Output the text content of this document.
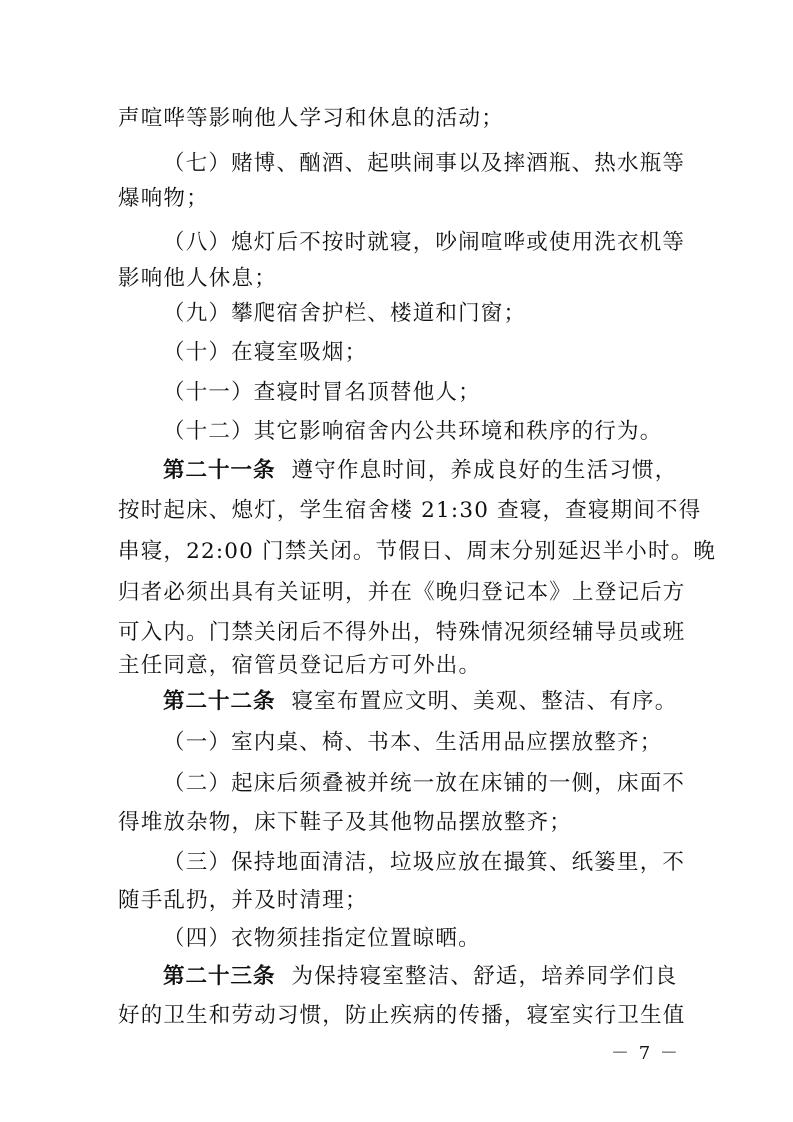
声喧哗等影响他人学习和休息的活动；
（七）赌博、酗酒、起哄闹事以及摔酒瓶、热水瓶等
爆响物；
（八）熄灯后不按时就寝，吵闹喧哗或使用洗衣机等
影响他人休息；
（九）攀爬宿舍护栏、楼道和门窗；
（十）在寝室吸烟；
（十一）查寝时冒名顶替他人；
（十二）其它影响宿舍内公共环境和秩序的行为。
第二十一条 遵守作息时间，养成良好的生活习惯，
按时起床、熄灯，学生宿舍楼 21:30 查寝，查寝期间不得
串寝，22:00 门禁关闭。节假日、周末分别延迟半小时。晚
归者必须出具有关证明，并在《晚归登记本》上登记后方
可入内。门禁关闭后不得外出，特殊情况须经辅导员或班
主任同意，宿管员登记后方可外出。
第二十二条 寝室布置应文明、美观、整洁、有序。
（一）室内桌、椅、书本、生活用品应摆放整齐；
（二）起床后须叠被并统一放在床铺的一侧，床面不
得堆放杂物，床下鞋子及其他物品摆放整齐；
（三）保持地面清洁，垃圾应放在撮箕、纸篓里，不
随手乱扔，并及时清理；
（四）衣物须挂指定位置晾晒。
第二十三条 为保持寝室整洁、舒适，培养同学们良
好的卫生和劳动习惯，防止疾病的传播，寝室实行卫生值
－ 7 －
